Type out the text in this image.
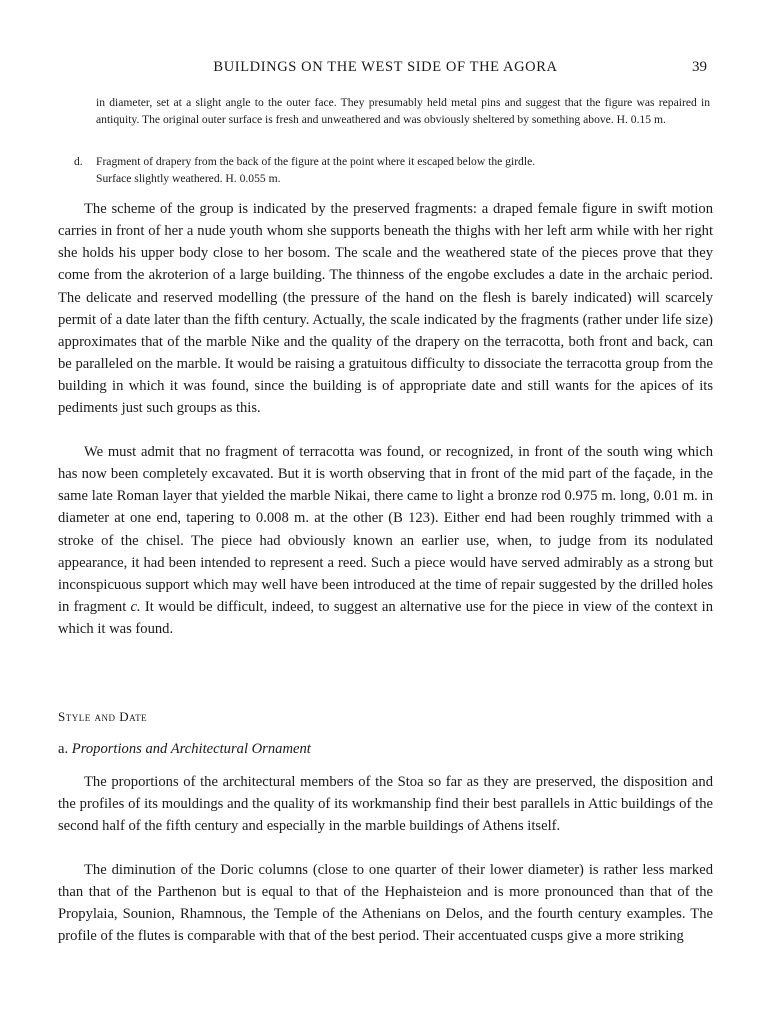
BUILDINGS ON THE WEST SIDE OF THE AGORA	39

in diameter, set at a slight angle to the outer face. They presumably held metal pins and suggest that the figure was repaired in antiquity. The original outer surface is fresh and unweathered and was obviously sheltered by something above. H. 0.15 m.

d. Fragment of drapery from the back of the figure at the point where it escaped below the girdle.

Surface slightly weathered. H. 0.055 m.

The scheme of the group is indicated by the preserved fragments: a draped female figure in swift motion carries in front of her a nude youth whom she supports beneath the thighs with her left arm while with her right she holds his upper body close to her bosom. The scale and the weathered state of the pieces prove that they come from the akroterion of a large building. The thinness of the engobe excludes a date in the archaic period. The delicate and reserved modelling (the pressure of the hand on the flesh is barely indicated) will scarcely permit of a date later than the fifth century. Actually, the scale indicated by the fragments (rather under life size) approximates that of the marble Nike and the quality of the drapery on the terracotta, both front and back, can be paralleled on the marble. It would be raising a gratuitous difficulty to dissociate the terracotta group from the building in which it was found, since the building is of appropriate date and still wants for the apices of its pediments just such groups as this.

We must admit that no fragment of terracotta was found, or recognized, in front of the south wing which has now been completely excavated. But it is worth observing that in front of the mid part of the façade, in the same late Roman layer that yielded the marble Nikai, there came to light a bronze rod 0.975 m. long, 0.01 m. in diameter at one end, tapering to 0.008 m. at the other (B 123). Either end had been roughly trimmed with a stroke of the chisel. The piece had obviously known an earlier use, when, to judge from its nodulated appearance, it had been intended to represent a reed. Such a piece would have served admirably as a strong but inconspicuous support which may well have been introduced at the time of repair suggested by the drilled holes in fragment c. It would be difficult, indeed, to suggest an alternative use for the piece in view of the context in which it was found.

Style and Date
a. Proportions and Architectural Ornament

The proportions of the architectural members of the Stoa so far as they are preserved, the disposition and the profiles of its mouldings and the quality of its workmanship find their best parallels in Attic buildings of the second half of the fifth century and especially in the marble buildings of Athens itself.

The diminution of the Doric columns (close to one quarter of their lower diameter) is rather less marked than that of the Parthenon but is equal to that of the Hephaisteion and is more pronounced than that of the Propylaia, Sounion, Rhamnous, the Temple of the Athenians on Delos, and the fourth century examples. The profile of the flutes is comparable with that of the best period. Their accentuated cusps give a more striking
